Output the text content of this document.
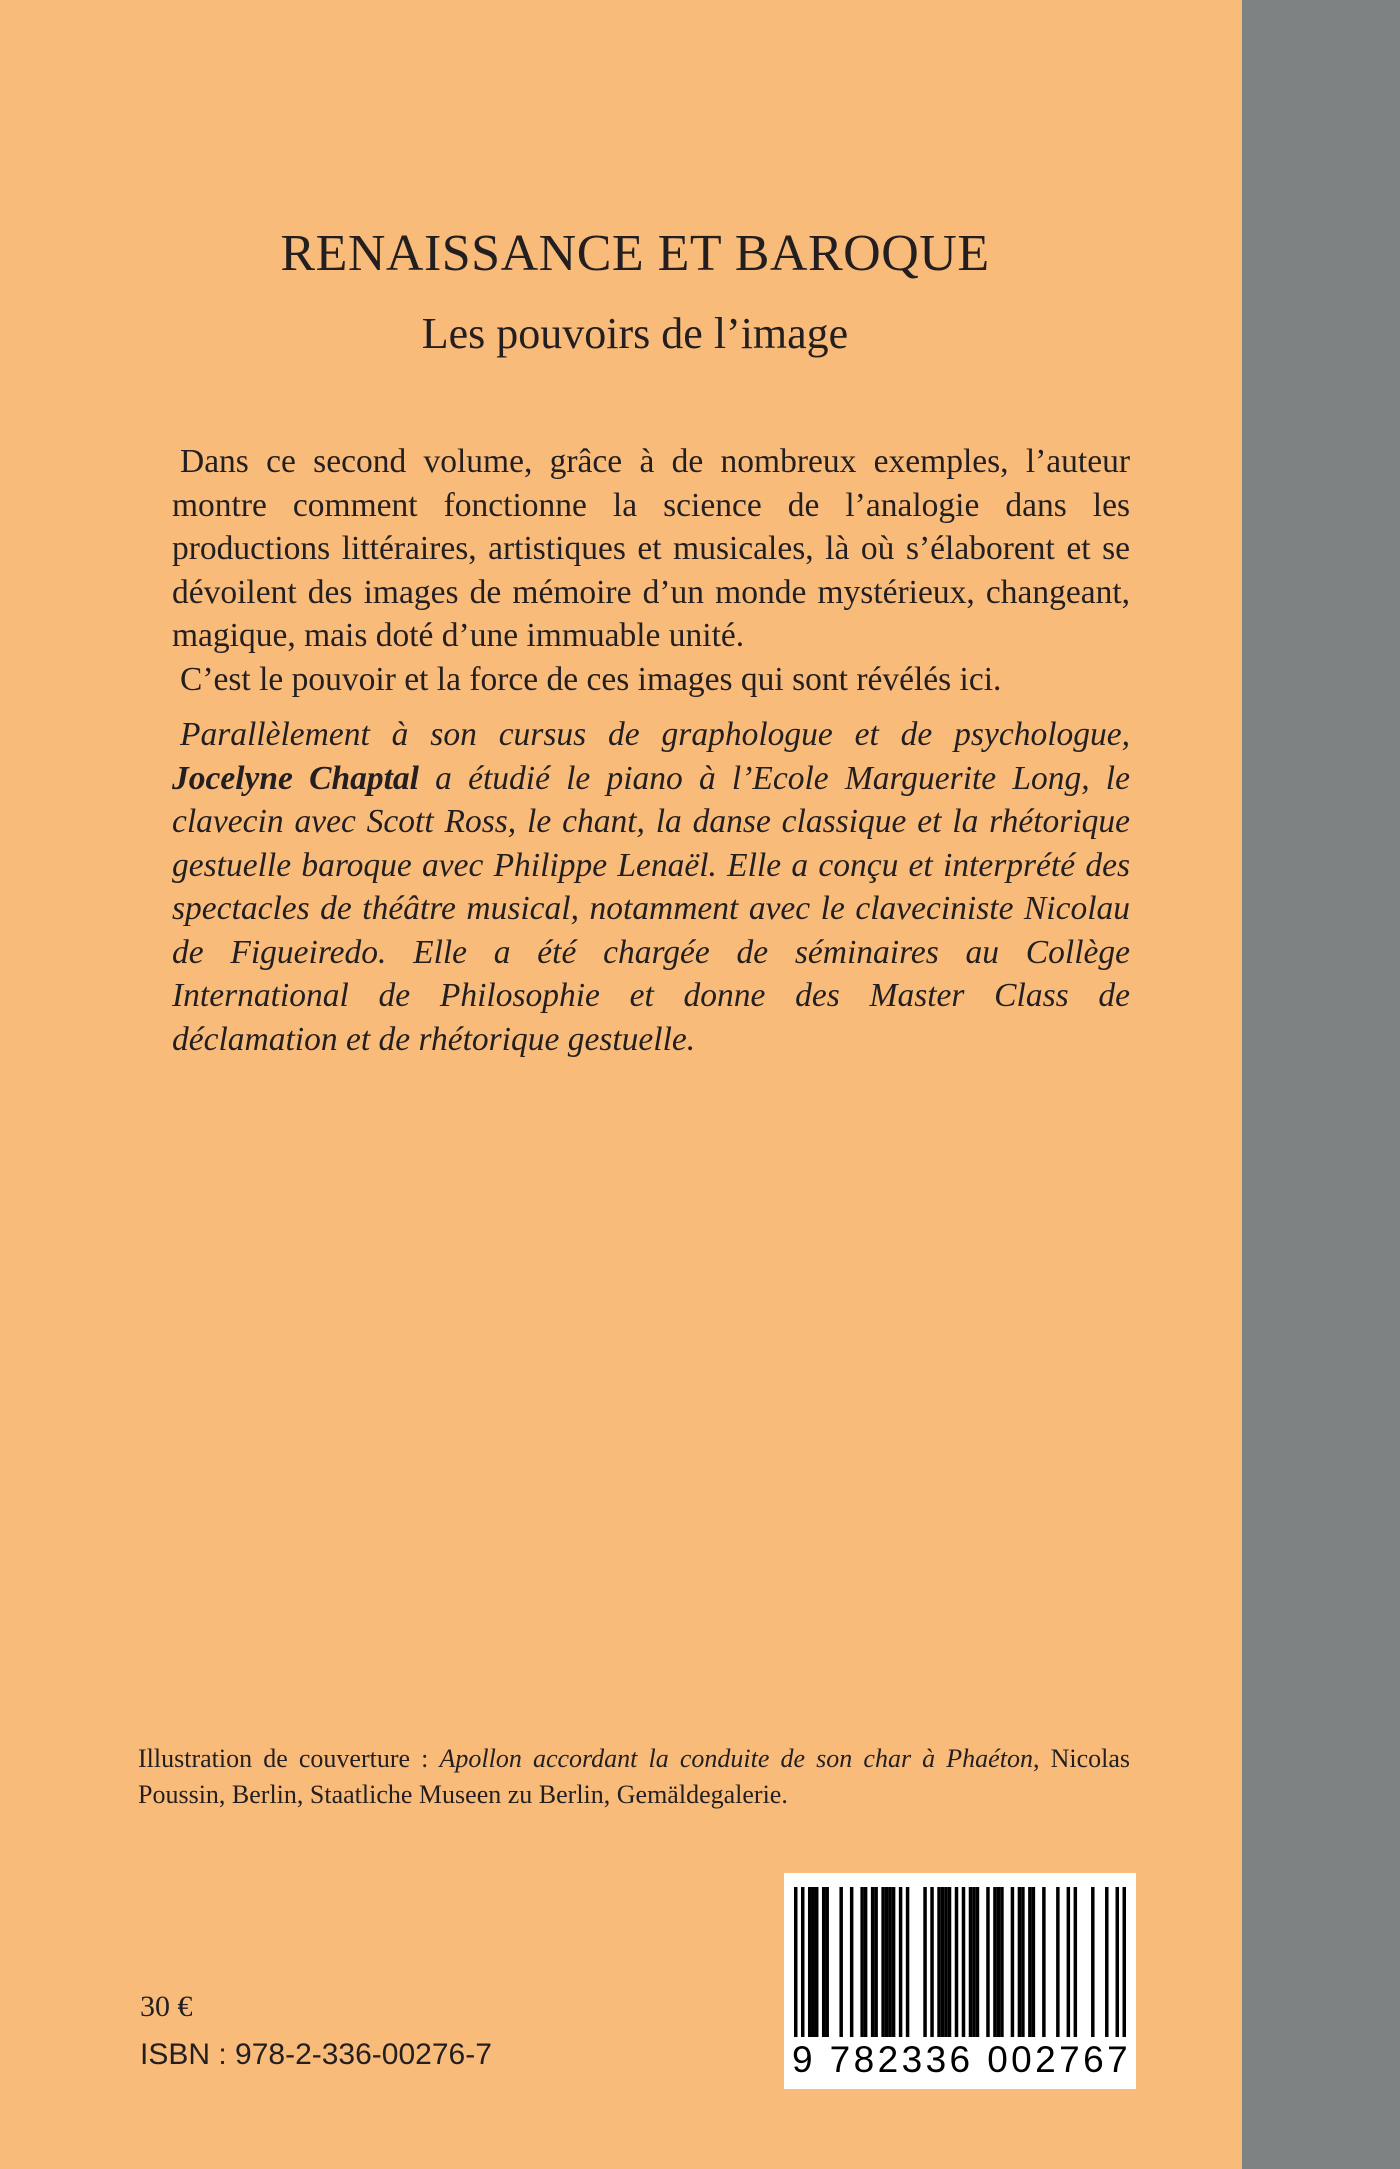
RENAISSANCE ET BAROQUE
Les pouvoirs de l’image

Dans ce second volume, grâce à de nombreux exemples, l’auteur montre comment fonctionne la science de l’analogie dans les productions littéraires, artistiques et musicales, là où s’élaborent et se dévoilent des images de mémoire d’un monde mystérieux, changeant, magique, mais doté d’une immuable unité.

C’est le pouvoir et la force de ces images qui sont révélés ici.

Parallèlement à son cursus de graphologue et de psychologue, Jocelyne Chaptal a étudié le piano à l’Ecole Marguerite Long, le clavecin avec Scott Ross, le chant, la danse classique et la rhétorique gestuelle baroque avec Philippe Lenaël. Elle a conçu et interprété des spectacles de théâtre musical, notamment avec le claveciniste Nicolau de Figueiredo. Elle a été chargée de séminaires au Collège International de Philosophie et donne des Master Class de déclamation et de rhétorique gestuelle.
Illustration de couverture : Apollon accordant la conduite de son char à Phaéton, Nicolas Poussin, Berlin, Staatliche Museen zu Berlin, Gemäldegalerie.
30 €
ISBN : 978-2-336-00276-7	9 782336 002767
